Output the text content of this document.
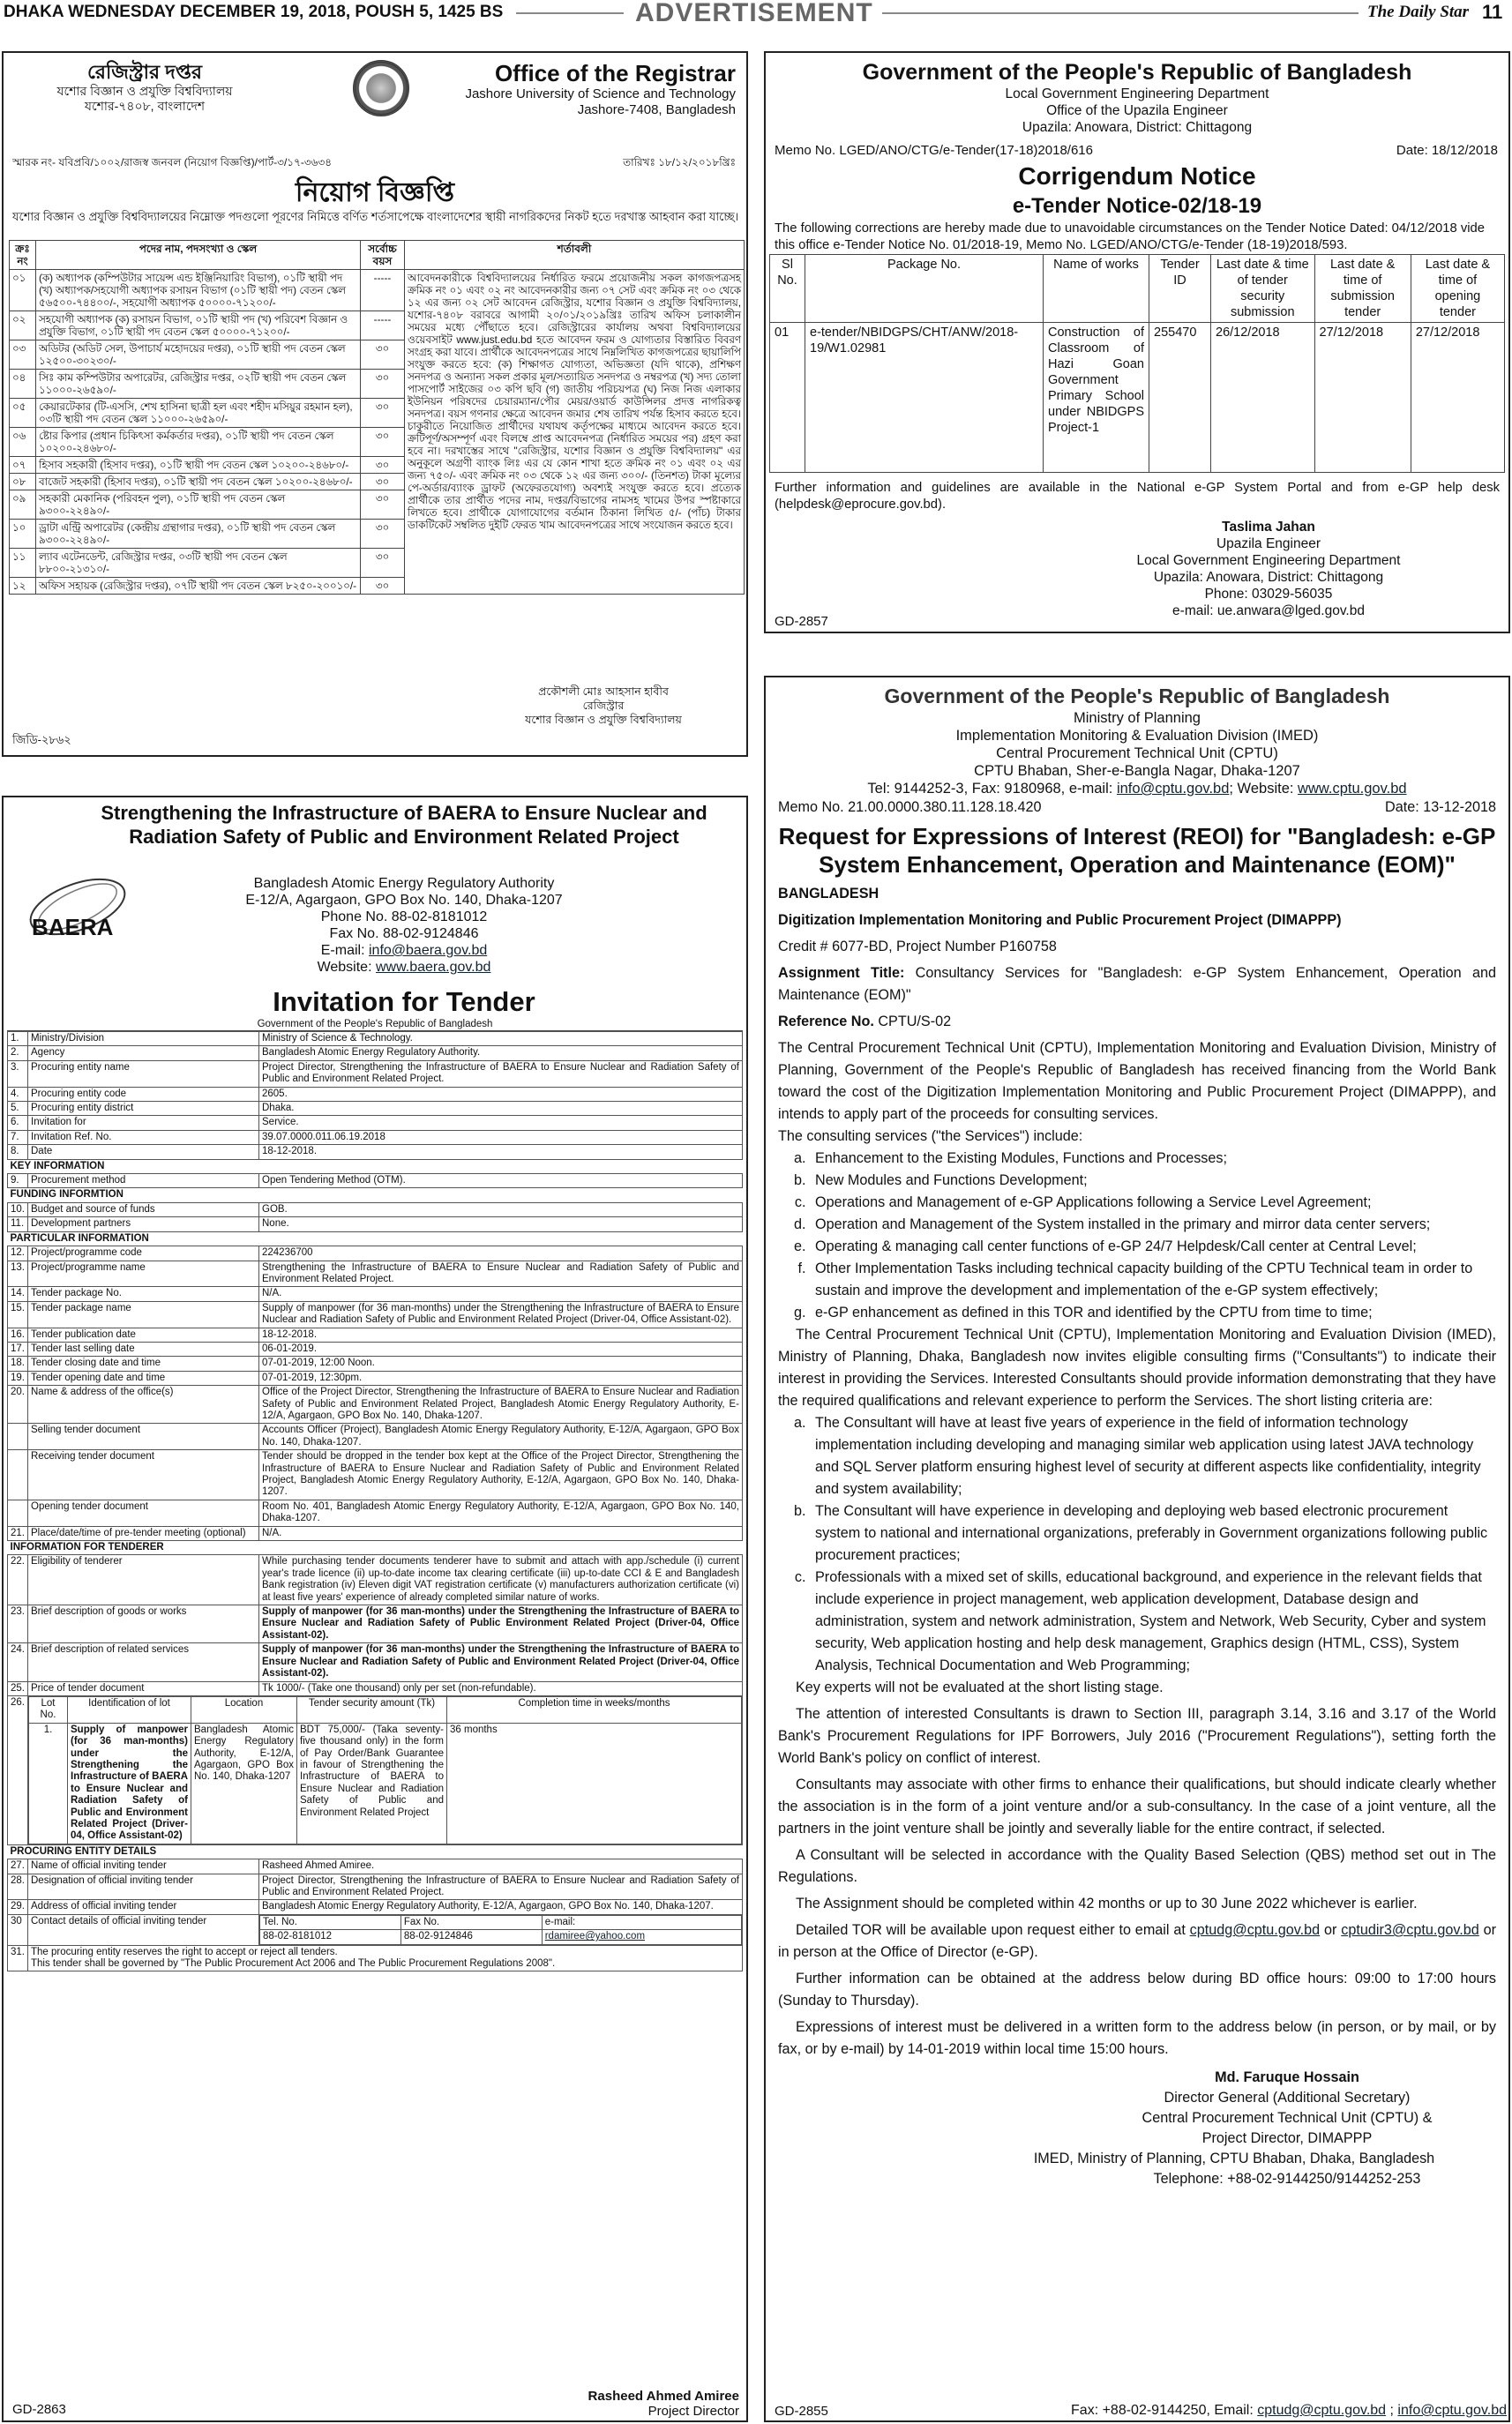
DHAKA WEDNESDAY DECEMBER 19, 2018, POUSH 5, 1425 BS	ADVERTISEMENT	The Daily Star 11
রেজিস্ট্রার দপ্তর
যশোর বিজ্ঞান ও প্রযুক্তি বিশ্ববিদ্যালয়
যশোর-৭৪০৮, বাংলাদেশ
Office of the Registrar
Jashore University of Science and Technology
Jashore-7408, Bangladesh
স্মারক নং- যবিপ্রবি/১০০২/রাজস্ব জনবল (নিয়োগ বিজ্ঞপ্তি)/পার্ট-৩/১৭-৩৬৩৪	তারিখঃ ১৮/১২/২০১৮খ্রিঃ
নিয়োগ বিজ্ঞপ্তি
যশোর বিজ্ঞান ও প্রযুক্তি বিশ্ববিদ্যালয়ের নিম্নোক্ত পদগুলো পূরণের নিমিত্তে বর্ণিত শর্তসাপেক্ষে বাংলাদেশের স্থায়ী নাগরিকদের নিকট হতে দরখাস্ত আহবান করা যাচ্ছে।
ক্রঃ নং	পদের নাম, পদসংখ্যা ও স্কেল	সর্বোচ্চ বয়স	শর্তাবলী
০১	(ক) অধ্যাপক (কম্পিউটার সায়েন্স এন্ড ইঞ্জিনিয়ারিং বিভাগ), ০১টি স্থায়ী পদ (খ) অধ্যাপক/সহযোগী অধ্যাপক রসায়ন বিভাগ (০১টি স্থায়ী পদ) বেতন স্কেল ৫৬৫০০-৭৪৪০০/-, সহযোগী অধ্যাপক ৫০০০০-৭১২০০/-	-----	আবেদনকারীকে বিশ্ববিদ্যালয়ের নির্ধারিত ফরমে প্রয়োজনীয় সকল কাগজপত্রসহ ক্রমিক নং ০১ এবং ০২ নং আবেদনকারীর জন্য ০৭ সেট এবং ক্রমিক নং ০৩ থেকে ১২ এর জন্য ০২ সেট আবেদন রেজিস্ট্রার, যশোর বিজ্ঞান ও প্রযুক্তি বিশ্ববিদ্যালয়, যশোর-৭৪০৮ বরাবরে আগামী ২০/০১/২০১৯খ্রিঃ তারিখ অফিস চলাকালীন সময়ের মধ্যে পৌঁছাতে হবে। রেজিস্ট্রারের কার্যালয় অথবা বিশ্ববিদ্যালয়ের ওয়েবসাইট www.just.edu.bd হতে আবেদন ফরম ও যোগ্যতার বিস্তারিত বিবরণ সংগ্রহ করা যাবে। প্রার্থীকে আবেদনপত্রের সাথে নিম্নলিখিত কাগজপত্রের ছায়ালিপি সংযুক্ত করতে হবে: (ক) শিক্ষাগত যোগ্যতা, অভিজ্ঞতা (যদি থাকে), প্রশিক্ষণ সনদপত্র ও অন্যান্য সকল প্রকার মূল/সত্যায়িত সনদপত্র ও নম্বরপত্র (খ) সদ্য তোলা পাসপোর্ট সাইজের ০৩ কপি ছবি (গ) জাতীয় পরিচয়পত্র (ঘ) নিজ নিজ এলাকার ইউনিয়ন পরিষদের চেয়ারম্যান/পৌর মেয়র/ওয়ার্ড কাউন্সিলর প্রদত্ত নাগরিকত্ব সনদপত্র। বয়স গণনার ক্ষেত্রে আবেদন জমার শেষ তারিখ পর্যন্ত হিসাব করতে হবে। চাকুরীতে নিয়োজিত প্রার্থীদের যথাযথ কর্তৃপক্ষের মাধ্যমে আবেদন করতে হবে। ক্রটিপূর্ণ/অসম্পূর্ণ এবং বিলম্বে প্রাপ্ত আবেদনপত্র (নির্ধারিত সময়ের পর) গ্রহণ করা হবে না। দরখাস্তের সাথে "রেজিস্ট্রার, যশোর বিজ্ঞান ও প্রযুক্তি বিশ্ববিদ্যালয়" এর অনুকূলে অগ্রণী ব্যাংক লিঃ এর যে কোন শাখা হতে ক্রমিক নং ০১ এবং ০২ এর জন্য ৭৫০/- এবং ক্রমিক নং ০৩ থেকে ১২ এর জন্য ৩০০/- (তিনশত) টাকা মূল্যের পে-অর্ডার/ব্যাংক ড্রাফট (অফেরতযোগ্য) অবশ্যই সংযুক্ত করতে হবে। প্রত্যেক প্রার্থীকে তার প্রার্থীত পদের নাম, দপ্তর/বিভাগের নামসহ খামের উপর স্পষ্টাকারে লিখতে হবে। প্রার্থীকে যোগাযোগের বর্তমান ঠিকানা লিখিত ৫/- (পাঁচ) টাকার ডাকটিকেট সম্বলিত দুইটি ফেরত খাম আবেদনপত্রের সাথে সংযোজন করতে হবে।
০২	সহযোগী অধ্যাপক (ক) রসায়ন বিভাগ, ০১টি স্থায়ী পদ (খ) পরিবেশ বিজ্ঞান ও প্রযুক্তি বিভাগ, ০১টি স্থায়ী পদ বেতন স্কেল ৫০০০০-৭১২০০/-	-----	
০৩	অডিটর (অডিট সেল, উপাচার্য মহোদয়ের দপ্তর), ০১টি স্থায়ী পদ বেতন স্কেল ১২৫০০-৩০২৩০/-	৩০	
০৪	সিঃ কাম কম্পিউটার অপারেটর, রেজিস্ট্রার দপ্তর, ০২টি স্থায়ী পদ বেতন স্কেল ১১০০০-২৬৫৯০/-	৩০	
০৫	কেয়ারটেকার (টি-এসসি, শেখ হাসিনা ছাত্রী হল এবং শহীদ মসিয়ুর রহমান হল), ০৩টি স্থায়ী পদ বেতন স্কেল ১১০০০-২৬৫৯০/-	৩০	
০৬	ষ্টোর কিপার (প্রধান চিকিৎসা কর্মকর্তার দপ্তর), ০১টি স্থায়ী পদ বেতন স্কেল ১০২০০-২৪৬৮০/-	৩০	
০৭	হিসাব সহকারী (হিসাব দপ্তর), ০১টি স্থায়ী পদ বেতন স্কেল ১০২০০-২৪৬৮০/-	৩০	
০৮	বাজেট সহকারী (হিসাব দপ্তর), ০১টি স্থায়ী পদ বেতন স্কেল ১০২০০-২৪৬৮০/-	৩০	
০৯	সহকারী মেকানিক (পরিবহন পুল), ০১টি স্থায়ী পদ বেতন স্কেল ৯৩০০-২২৪৯০/-	৩০	
১০	ড্রাটা এন্ট্রি অপারেটর (কেন্দ্রীয় গ্রন্থাগার দপ্তর), ০১টি স্থায়ী পদ বেতন স্কেল ৯৩০০-২২৪৯০/-	৩০	
১১	ল্যাব এটেনডেন্ট, রেজিস্ট্রার দপ্তর, ০৩টি স্থায়ী পদ বেতন স্কেল ৮৮০০-২১৩১০/-	৩০	
১২	অফিস সহায়ক (রেজিস্ট্রার দপ্তর), ০৭টি স্থায়ী পদ বেতন স্কেল ৮২৫০-২০০১০/-	৩০	
প্রকৌশলী মোঃ আহসান হাবীব
রেজিস্ট্রার
যশোর বিজ্ঞান ও প্রযুক্তি বিশ্ববিদ্যালয়
জিডি-২৮৬২
Government of the People's Republic of Bangladesh
Local Government Engineering Department
Office of the Upazila Engineer
Upazila: Anowara, District: Chittagong
Memo No. LGED/ANO/CTG/e-Tender(17-18)2018/616	Date: 18/12/2018
Corrigendum Notice
e-Tender Notice-02/18-19
The following corrections are hereby made due to unavoidable circumstances on the Tender Notice Dated: 04/12/2018 vide this office e-Tender Notice No. 01/2018-19, Memo No. LGED/ANO/CTG/e-Tender (18-19)2018/593.
Sl No.	Package No.	Name of works	Tender ID	Last date & time of tender security submission	Last date & time of submission tender	Last date & time of opening tender
01	e-tender/NBIDGPS/CHT/ANW/2018-19/W1.02981	Construction of Classroom of Hazi Goan Government Primary School under NBIDGPS Project-1	255470	26/12/2018	27/12/2018	27/12/2018
Further information and guidelines are available in the National e-GP System Portal and from e-GP help desk (helpdesk@eprocure.gov.bd).
Taslima Jahan
Upazila Engineer
Local Government Engineering Department
Upazila: Anowara, District: Chittagong
Phone: 03029-56035
e-mail: ue.anwara@lged.gov.bd
GD-2857
Government of the People's Republic of Bangladesh
Ministry of Planning
Implementation Monitoring & Evaluation Division (IMED)
Central Procurement Technical Unit (CPTU)
CPTU Bhaban, Sher-e-Bangla Nagar, Dhaka-1207
Tel: 9144252-3, Fax: 9180968, e-mail: info@cptu.gov.bd; Website: www.cptu.gov.bd
Memo No. 21.00.0000.380.11.128.18.420	Date: 13-12-2018
Request for Expressions of Interest (REOI) for "Bangladesh: e-GP System Enhancement, Operation and Maintenance (EOM)"

BANGLADESH

Digitization Implementation Monitoring and Public Procurement Project (DIMAPPP)

Credit # 6077-BD, Project Number P160758

Assignment Title: Consultancy Services for "Bangladesh: e-GP System Enhancement, Operation and Maintenance (EOM)"

Reference No. CPTU/S-02

The Central Procurement Technical Unit (CPTU), Implementation Monitoring and Evaluation Division, Ministry of Planning, Government of the People's Republic of Bangladesh has received financing from the World Bank toward the cost of the Digitization Implementation Monitoring and Public Procurement Project (DIMAPPP), and intends to apply part of the proceeds for consulting services.

The consulting services ("the Services") include:

a. Enhancement to the Existing Modules, Functions and Processes;
b. New Modules and Functions Development;
c. Operations and Management of e-GP Applications following a Service Level Agreement;
d. Operation and Management of the System installed in the primary and mirror data center servers;
e. Operating & managing call center functions of e-GP 24/7 Helpdesk/Call center at Central Level;
f. Other Implementation Tasks including technical capacity building of the CPTU Technical team in order to sustain and improve the development and implementation of the e-GP system effectively;
g. e-GP enhancement as defined in this TOR and identified by the CPTU from time to time;

The Central Procurement Technical Unit (CPTU), Implementation Monitoring and Evaluation Division (IMED), Ministry of Planning, Dhaka, Bangladesh now invites eligible consulting firms ("Consultants") to indicate their interest in providing the Services. Interested Consultants should provide information demonstrating that they have the required qualifications and relevant experience to perform the Services. The short listing criteria are:

a. The Consultant will have at least five years of experience in the field of information technology implementation including developing and managing similar web application using latest JAVA technology and SQL Server platform ensuring highest level of security at different aspects like confidentiality, integrity and system availability;
b. The Consultant will have experience in developing and deploying web based electronic procurement system to national and international organizations, preferably in Government organizations following public procurement practices;
c. Professionals with a mixed set of skills, educational background, and experience in the relevant fields that include experience in project management, web application development, Database design and administration, system and network administration, System and Network, Web Security, Cyber and system security, Web application hosting and help desk management, Graphics design (HTML, CSS), System Analysis, Technical Documentation and Web Programming;

Key experts will not be evaluated at the short listing stage.

The attention of interested Consultants is drawn to Section III, paragraph 3.14, 3.16 and 3.17 of the World Bank's Procurement Regulations for IPF Borrowers, July 2016 ("Procurement Regulations"), setting forth the World Bank's policy on conflict of interest.

Consultants may associate with other firms to enhance their qualifications, but should indicate clearly whether the association is in the form of a joint venture and/or a sub-consultancy. In the case of a joint venture, all the partners in the joint venture shall be jointly and severally liable for the entire contract, if selected.

A Consultant will be selected in accordance with the Quality Based Selection (QBS) method set out in The Regulations.

The Assignment should be completed within 42 months or up to 30 June 2022 whichever is earlier.

Detailed TOR will be available upon request either to email at cptudg@cptu.gov.bd or cptudir3@cptu.gov.bd or in person at the Office of Director (e-GP).

Further information can be obtained at the address below during BD office hours: 09:00 to 17:00 hours (Sunday to Thursday).

Expressions of interest must be delivered in a written form to the address below (in person, or by mail, or by fax, or by e-mail) by 14-01-2019 within local time 15:00 hours.

Md. Faruque Hossain
Director General (Additional Secretary)
Central Procurement Technical Unit (CPTU) &
Project Director, DIMAPPP
IMED, Ministry of Planning, CPTU Bhaban, Dhaka, Bangladesh
Telephone: +88-02-9144250/9144252-253
GD-2855	Fax: +88-02-9144250, Email: cptudg@cptu.gov.bd ; info@cptu.gov.bd
BAERA
Strengthening the Infrastructure of BAERA to Ensure Nuclear and Radiation Safety of Public and Environment Related Project
Bangladesh Atomic Energy Regulatory Authority
E-12/A, Agargaon, GPO Box No. 140, Dhaka-1207
Phone No. 88-02-8181012
Fax No. 88-02-9124846
E-mail: info@baera.gov.bd
Website: www.baera.gov.bd
Invitation for Tender
Government of the People's Republic of Bangladesh
1.	Ministry/Division	Ministry of Science & Technology.
2.	Agency	Bangladesh Atomic Energy Regulatory Authority.
3.	Procuring entity name	Project Director, Strengthening the Infrastructure of BAERA to Ensure Nuclear and Radiation Safety of Public and Environment Related Project.
4.	Procuring entity code	2605.
5.	Procuring entity district	Dhaka.
6.	Invitation for	Service.
7.	Invitation Ref. No.	39.07.0000.011.06.19.2018
8.	Date	18-12-2018.
KEY INFORMATION
9.	Procurement method	Open Tendering Method (OTM).
FUNDING INFORMTION
10.	Budget and source of funds	GOB.
11.	Development partners	None.
PARTICULAR INFORMATION
12.	Project/programme code	224236700
13.	Project/programme name	Strengthening the Infrastructure of BAERA to Ensure Nuclear and Radiation Safety of Public and Environment Related Project.
14.	Tender package No.	N/A.
15.	Tender package name	Supply of manpower (for 36 man-months) under the Strengthening the Infrastructure of BAERA to Ensure Nuclear and Radiation Safety of Public and Environment Related Project (Driver-04, Office Assistant-02).
16.	Tender publication date	18-12-2018.
17.	Tender last selling date	06-01-2019.
18.	Tender closing date and time	07-01-2019, 12:00 Noon.
19.	Tender opening date and time	07-01-2019, 12:30pm.
20.	Name & address of the office(s)	Office of the Project Director, Strengthening the Infrastructure of BAERA to Ensure Nuclear and Radiation Safety of Public and Environment Related Project, Bangladesh Atomic Energy Regulatory Authority, E-12/A, Agargaon, GPO Box No. 140, Dhaka-1207.
	Selling tender document	Accounts Officer (Project), Bangladesh Atomic Energy Regulatory Authority, E-12/A, Agargaon, GPO Box No. 140, Dhaka-1207.
	Receiving tender document	Tender should be dropped in the tender box kept at the Office of the Project Director, Strengthening the Infrastructure of BAERA to Ensure Nuclear and Radiation Safety of Public and Environment Related Project, Bangladesh Atomic Energy Regulatory Authority, E-12/A, Agargaon, GPO Box No. 140, Dhaka-1207.
	Opening tender document	Room No. 401, Bangladesh Atomic Energy Regulatory Authority, E-12/A, Agargaon, GPO Box No. 140, Dhaka-1207.
21.	Place/date/time of pre-tender meeting (optional)	N/A.
INFORMATION FOR TENDERER
22.	Eligibility of tenderer	While purchasing tender documents tenderer have to submit and attach with app./schedule (i) current year's trade licence (ii) up-to-date income tax clearing certificate (iii) up-to-date CCI & E and Bangladesh Bank registration (iv) Eleven digit VAT registration certificate (v) manufacturers authorization certificate (vi) at least five years' experience of already completed similar nature of works.
23.	Brief description of goods or works	Supply of manpower (for 36 man-months) under the Strengthening the Infrastructure of BAERA to Ensure Nuclear and Radiation Safety of Public Environment Related Project (Driver-04, Office Assistant-02).
24.	Brief description of related services	Supply of manpower (for 36 man-months) under the Strengthening the Infrastructure of BAERA to Ensure Nuclear and Radiation Safety of Public and Environment Related Project (Driver-04, Office Assistant-02).
25.	Price of tender document	Tk 1000/- (Take one thousand) only per set (non-refundable).
26.	Lot No.	Identification of lot	Location	Tender security amount (Tk)	Completion time in weeks/months
1.	Supply of manpower (for 36 man-months) under the Strengthening the Infrastructure of BAERA to Ensure Nuclear and Radiation Safety of Public and Environment Related Project (Driver-04, Office Assistant-02)	Bangladesh Atomic Energy Regulatory Authority, E-12/A, Agargaon, GPO Box No. 140, Dhaka-1207	BDT 75,000/- (Taka seventy-five thousand only) in the form of Pay Order/Bank Guarantee in favour of Strengthening the Infrastructure of BAERA to Ensure Nuclear and Radiation Safety of Public and Environment Related Project	36 months

PROCURING ENTITY DETAILS
27.	Name of official inviting tender	Rasheed Ahmed Amiree.
28.	Designation of official inviting tender	Project Director, Strengthening the Infrastructure of BAERA to Ensure Nuclear and Radiation Safety of Public and Environment Related Project.
29.	Address of official inviting tender	Bangladesh Atomic Energy Regulatory Authority, E-12/A, Agargaon, GPO Box No. 140, Dhaka-1207.
30	Contact details of official inviting tender		Tel. No.	Fax No.	e-mail:
88-02-8181012	88-02-9124846	rdamiree@yahoo.com

31.	The procuring entity reserves the right to accept or reject all tenders.
This tender shall be governed by "The Public Procurement Act 2006 and The Public Procurement Regulations 2008".
GD-2863
Rasheed Ahmed Amiree
Project Director
